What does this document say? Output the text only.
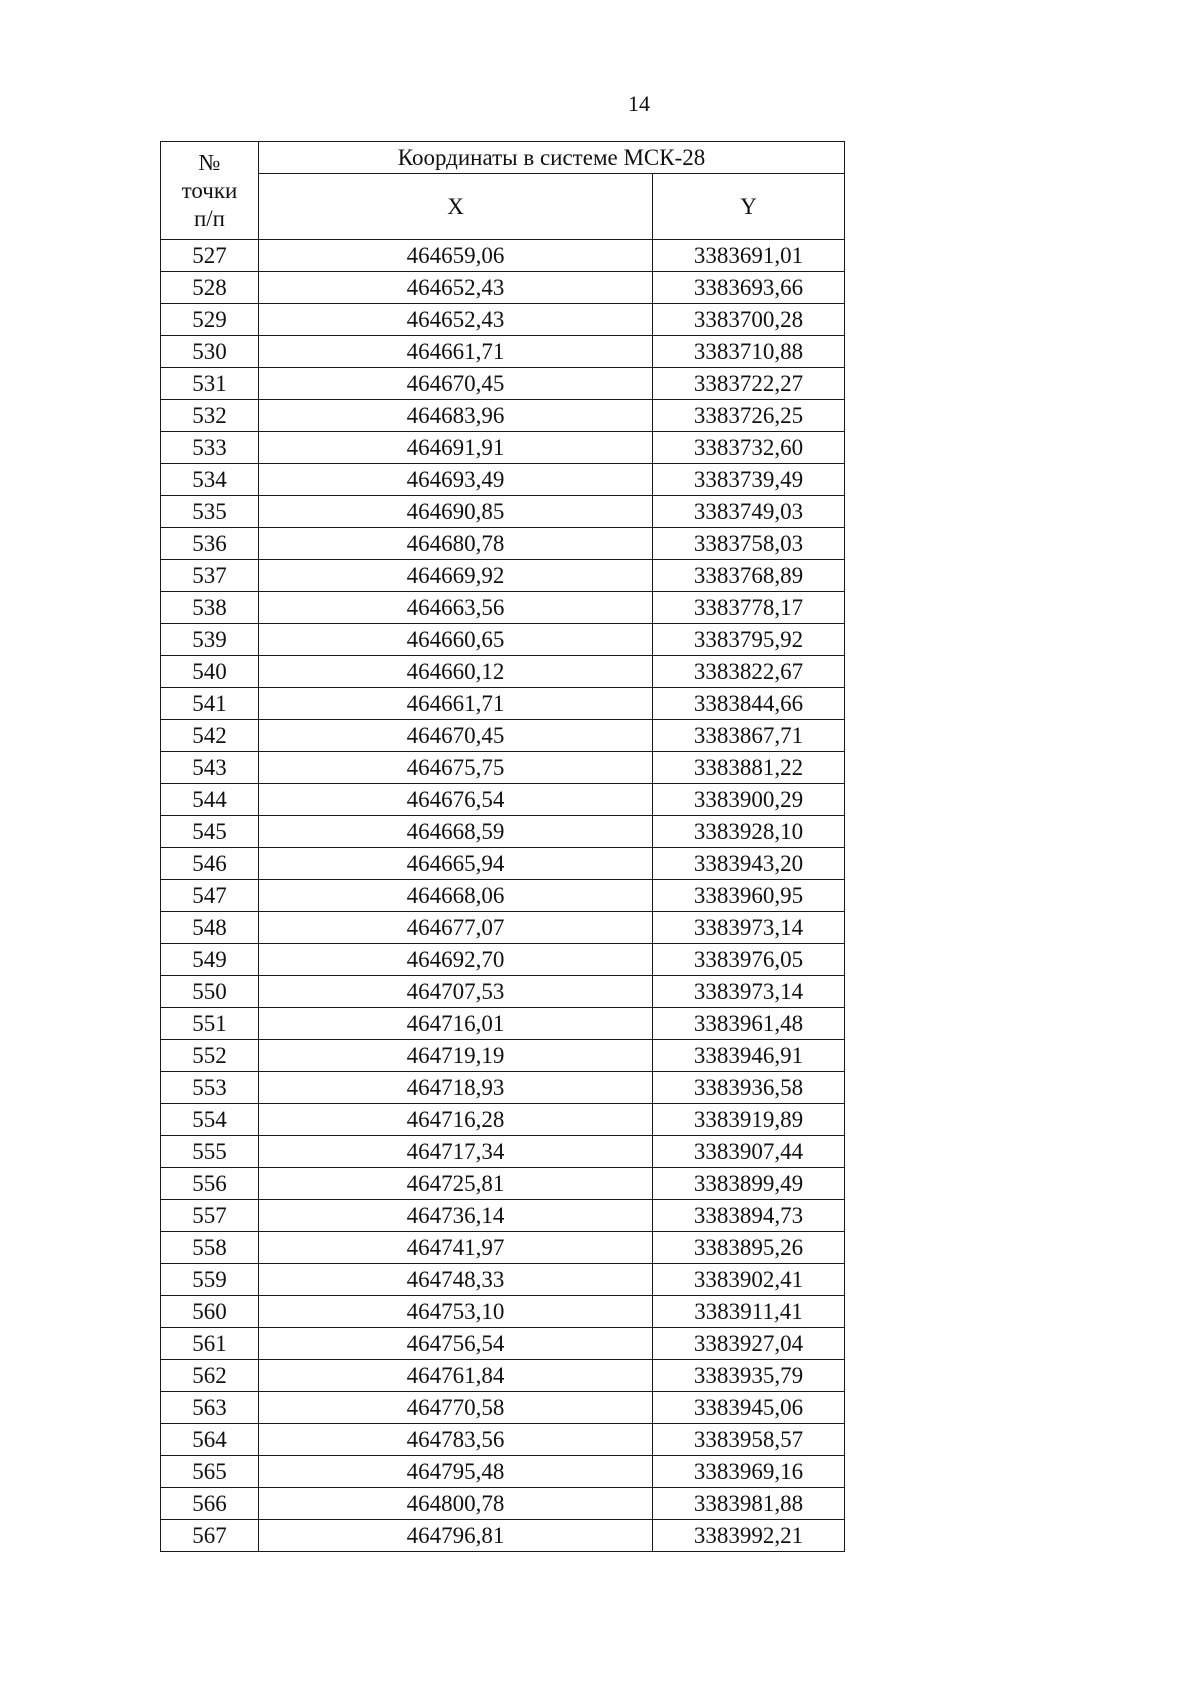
14
№
точки
п/п	Координаты в системе МСК-28	
	X	Y
527	464659,06	3383691,01
528	464652,43	3383693,66
529	464652,43	3383700,28
530	464661,71	3383710,88
531	464670,45	3383722,27
532	464683,96	3383726,25
533	464691,91	3383732,60
534	464693,49	3383739,49
535	464690,85	3383749,03
536	464680,78	3383758,03
537	464669,92	3383768,89
538	464663,56	3383778,17
539	464660,65	3383795,92
540	464660,12	3383822,67
541	464661,71	3383844,66
542	464670,45	3383867,71
543	464675,75	3383881,22
544	464676,54	3383900,29
545	464668,59	3383928,10
546	464665,94	3383943,20
547	464668,06	3383960,95
548	464677,07	3383973,14
549	464692,70	3383976,05
550	464707,53	3383973,14
551	464716,01	3383961,48
552	464719,19	3383946,91
553	464718,93	3383936,58
554	464716,28	3383919,89
555	464717,34	3383907,44
556	464725,81	3383899,49
557	464736,14	3383894,73
558	464741,97	3383895,26
559	464748,33	3383902,41
560	464753,10	3383911,41
561	464756,54	3383927,04
562	464761,84	3383935,79
563	464770,58	3383945,06
564	464783,56	3383958,57
565	464795,48	3383969,16
566	464800,78	3383981,88
567	464796,81	3383992,21
